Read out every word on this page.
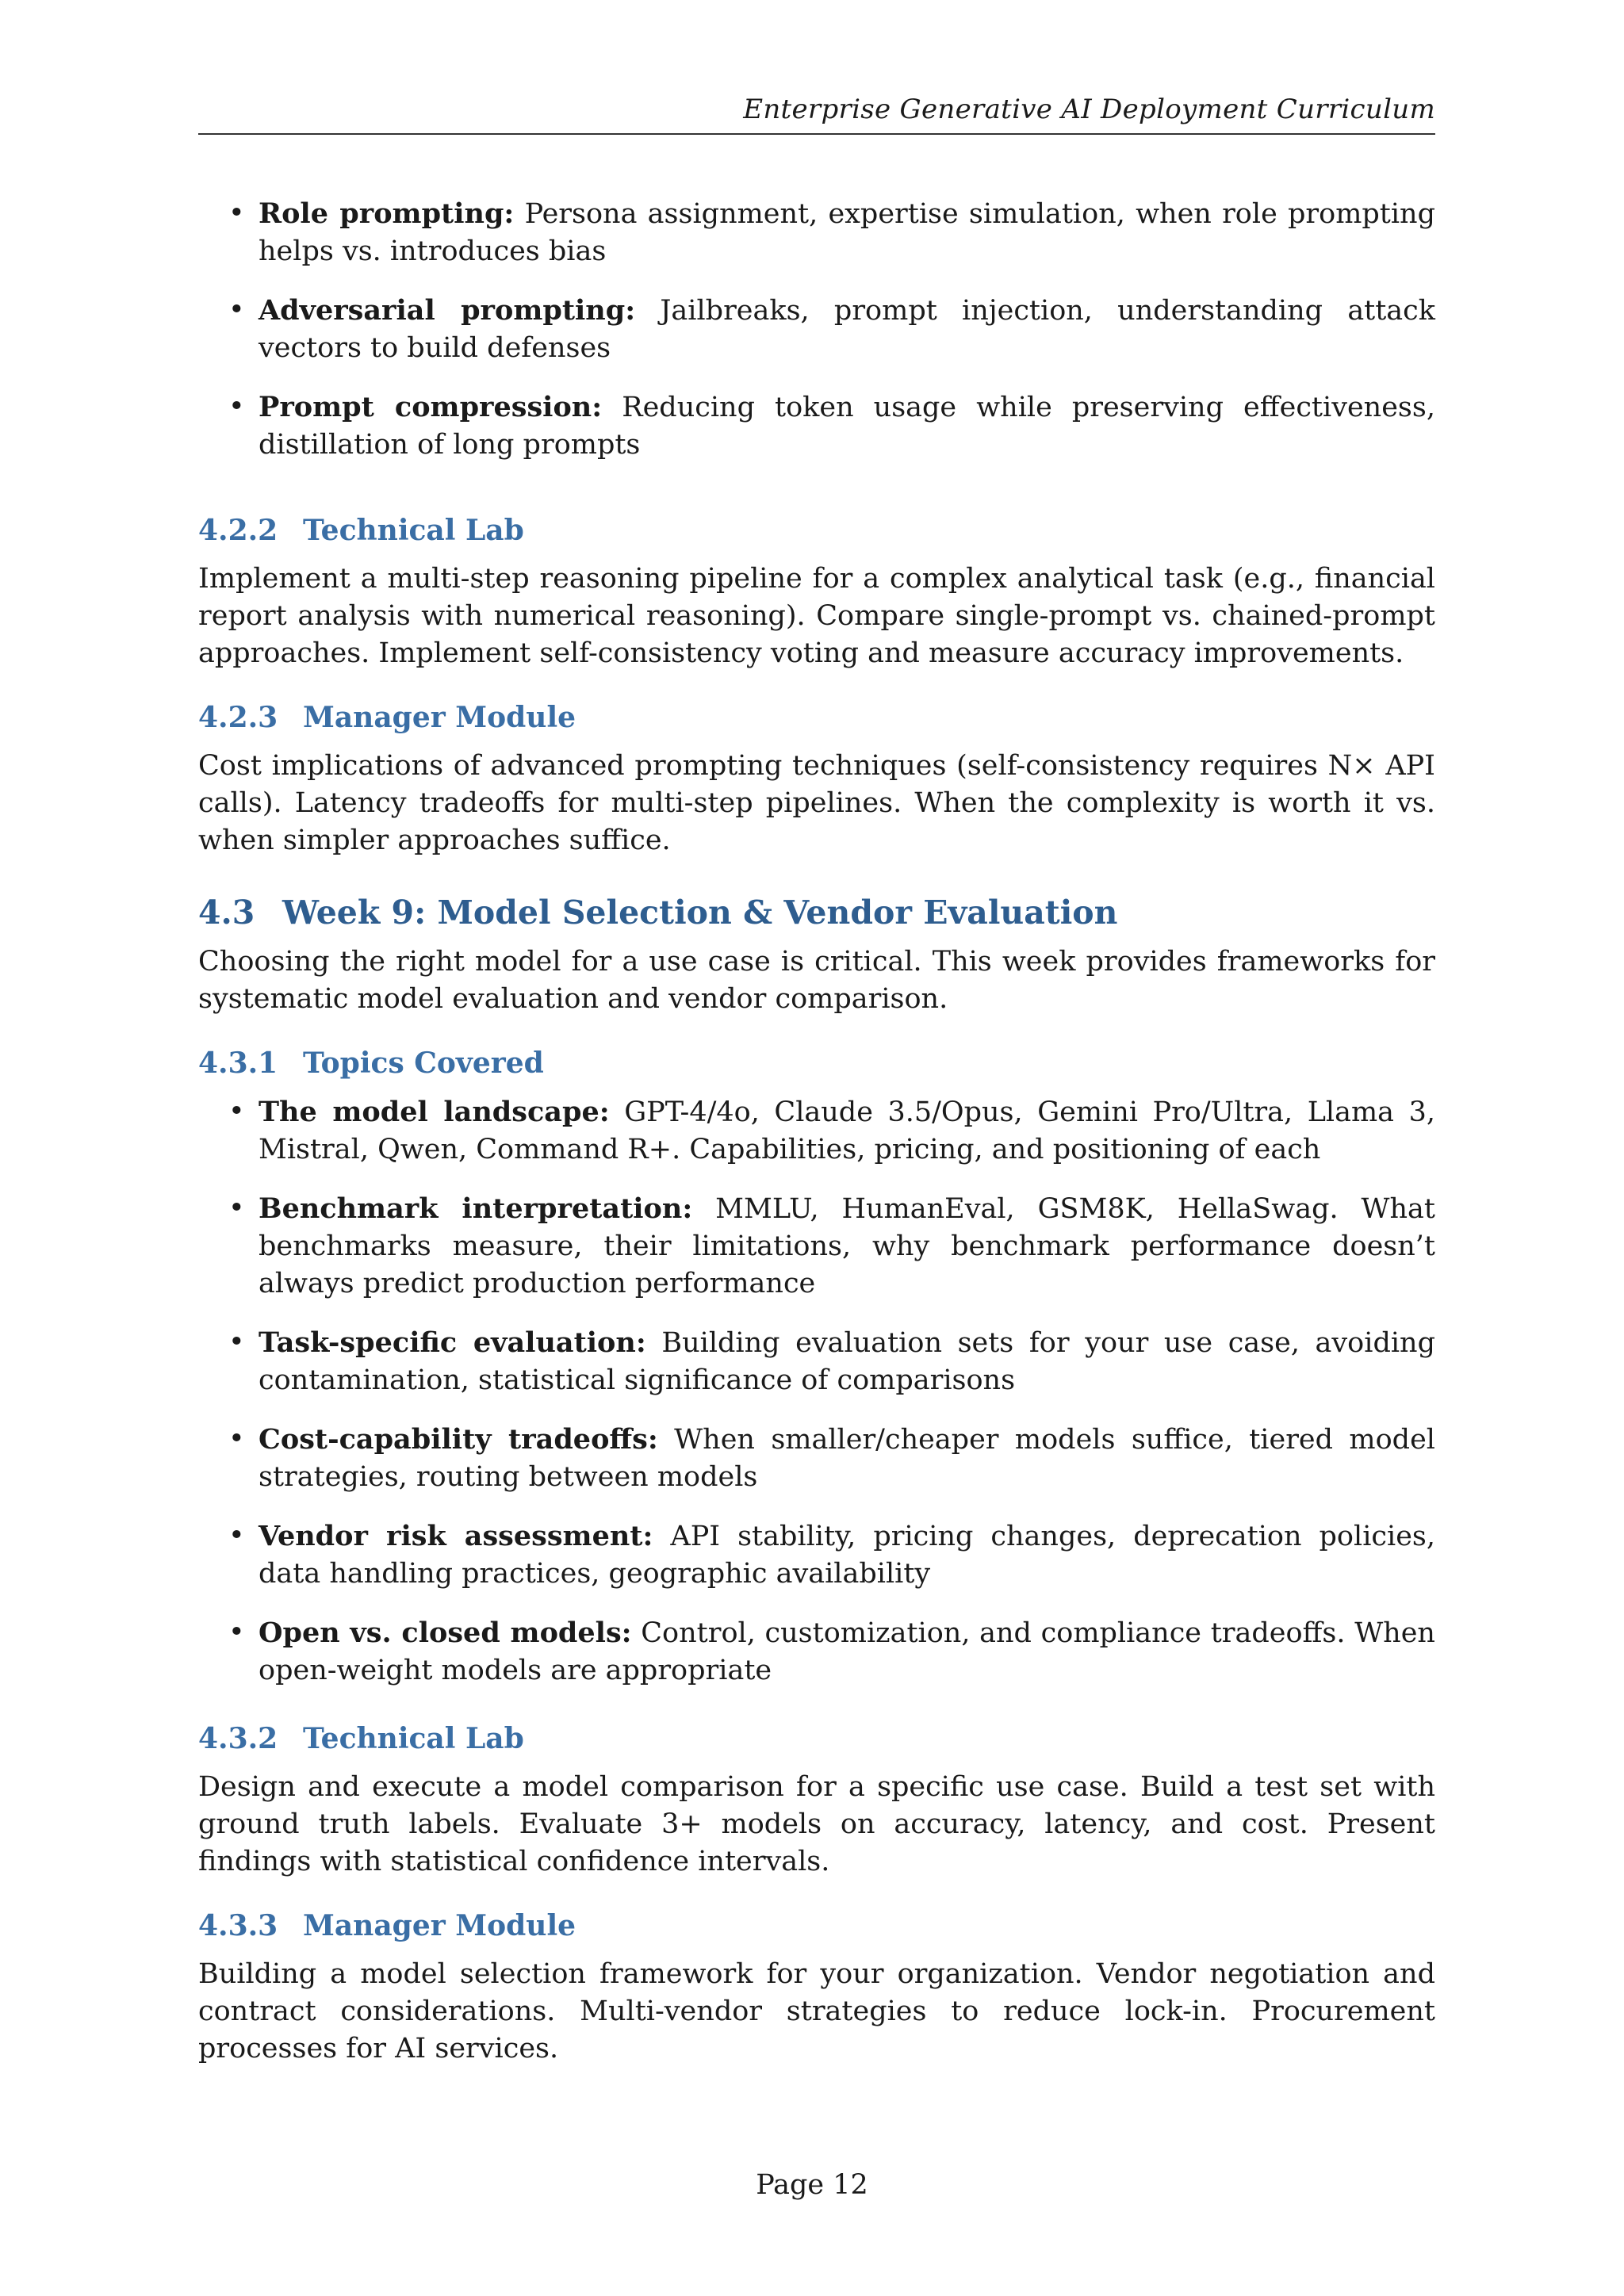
Enterprise Generative AI Deployment Curriculum
• Role prompting: Persona assignment, expertise simulation, when role prompting helps vs. introduces bias
• Adversarial prompting: Jailbreaks, prompt injection, understanding attack vectors to build defenses
• Prompt compression: Reducing token usage while preserving effectiveness, distillation of long prompts
4.2.2 Technical Lab

Implement a multi-step reasoning pipeline for a complex analytical task (e.g., financial report analysis with numerical reasoning). Compare single-prompt vs. chained-prompt approaches. Implement self-consistency voting and measure accuracy improvements.

4.2.3 Manager Module

Cost implications of advanced prompting techniques (self-consistency requires N× API calls). Latency tradeoffs for multi-step pipelines. When the complexity is worth it vs. when simpler approaches suffice.

4.3 Week 9: Model Selection & Vendor Evaluation

Choosing the right model for a use case is critical. This week provides frameworks for systematic model evaluation and vendor comparison.

4.3.1 Topics Covered
• The model landscape: GPT-4/4o, Claude 3.5/Opus, Gemini Pro/Ultra, Llama 3, Mistral, Qwen, Command R+. Capabilities, pricing, and positioning of each
• Benchmark interpretation: MMLU, HumanEval, GSM8K, HellaSwag. What benchmarks measure, their limitations, why benchmark performance doesn’t always predict production performance
• Task-specific evaluation: Building evaluation sets for your use case, avoiding contamination, statistical significance of comparisons
• Cost-capability tradeoffs: When smaller/cheaper models suffice, tiered model strategies, routing between models
• Vendor risk assessment: API stability, pricing changes, deprecation policies, data handling practices, geographic availability
• Open vs. closed models: Control, customization, and compliance tradeoffs. When open-weight models are appropriate
4.3.2 Technical Lab

Design and execute a model comparison for a specific use case. Build a test set with ground truth labels. Evaluate 3+ models on accuracy, latency, and cost. Present findings with statistical confidence intervals.

4.3.3 Manager Module

Building a model selection framework for your organization. Vendor negotiation and contract considerations. Multi-vendor strategies to reduce lock-in. Procurement processes for AI services.

Page 12
